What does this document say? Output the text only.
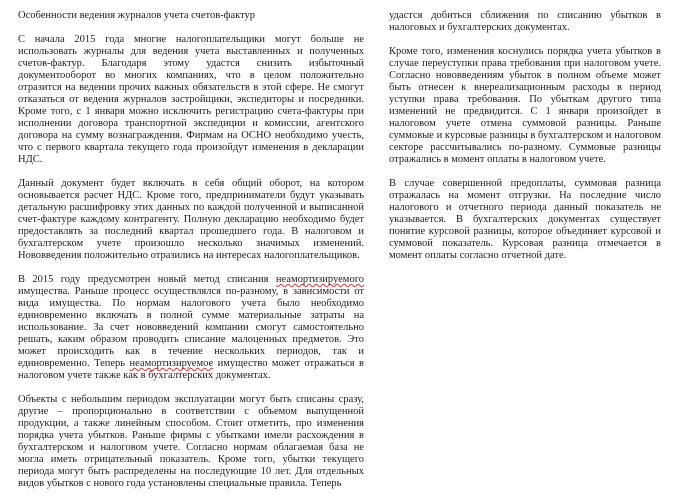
Особенности ведения журналов учета счетов-фактур

С начала 2015 года многие налогоплательщики могут больше не использовать журналы для ведения учета выставленных и полученных счетов-фактур. Благодаря этому удастся снизить избыточный документооборот во многих компаниях, что в целом положительно отразится на ведении прочих важных обязательств в этой сфере. Не смогут отказаться от ведения журналов застройщики, экспедиторы и посредники. Кроме того, с 1 января можно исключить регистрацию счета-фактуры при исполнении договора транспортной экспедиции и комиссии, агентского договора на сумму вознаграждения. Фирмам на ОСНО необходимо учесть, что с первого квартала текущего года произойдут изменения в декларации НДС.

Данный документ будет включать в себя общий оборот, на котором основывается расчет НДС. Кроме того, предприниматели будут указывать детальную расшифровку этих данных по каждой полученной и выписанной счет-фактуре каждому контрагенту. Полную декларацию необходимо будет предоставлять за последний квартал прошедшего года. В налоговом и бухгалтерском учете произошло несколько значимых изменений. Нововведения положительно отразились на интересах налогоплательщиков.

В 2015 году предусмотрен новый метод списания неамортизируемого имущества. Раньше процесс осуществлялся по-разному, в зависимости от вида имущества. По нормам налогового учета было необходимо единовременно включать в полной сумме материальные затраты на использование. За счет нововведений компании смогут самостоятельно решать, каким образом проводить списание малоценных предметов. Это может происходить как в течение нескольких периодов, так и единовременно. Теперь неамортизируемое имущество может отражаться в налоговом учете также как в бухгалтерских документах.

Объекты с небольшим периодом эксплуатации могут быть списаны сразу, другие – пропорционально в соответствии с объемом выпущенной продукции, а также линейным способом. Стоит отметить, про изменения порядка учета убытков. Раньше фирмы с убытками имели расхождения в бухгалтерском и налоговом учете. Согласно нормам облагаемая база не могла иметь отрицательный показатель. Кроме того, убытки текущего периода могут быть распределены на последующие 10 лет. Для отдельных видов убытков с нового года установлены специальные правила. Теперь

удастся добиться сближения по списанию убытков в налоговых и бухгалтерских документах.

Кроме того, изменения коснулись порядка учета убытков в случае переуступки права требования при налоговом учете. Согласно нововведениям убыток в полном объеме может быть отнесен к внереализационным расходы в период уступки права требования. По убыткам другого типа изменений не предвидится. С 1 января произойдет в налоговом учете отмена суммовой разницы. Раньше суммовые и курсовые разницы в бухгалтерском и налоговом секторе рассчитывались по-разному. Суммовые разницы отражались в момент оплаты в налоговом учете.

В случае совершенной предоплаты, суммовая разница отражалась на момент отгрузки. На последние число налогового и отчетного периода данный показатель не указывается. В бухгалтерских документах существует понятие курсовой разницы, которое объединяет курсовой и суммовой показатель. Курсовая разница отмечается в момент оплаты согласно отчетной дате.
